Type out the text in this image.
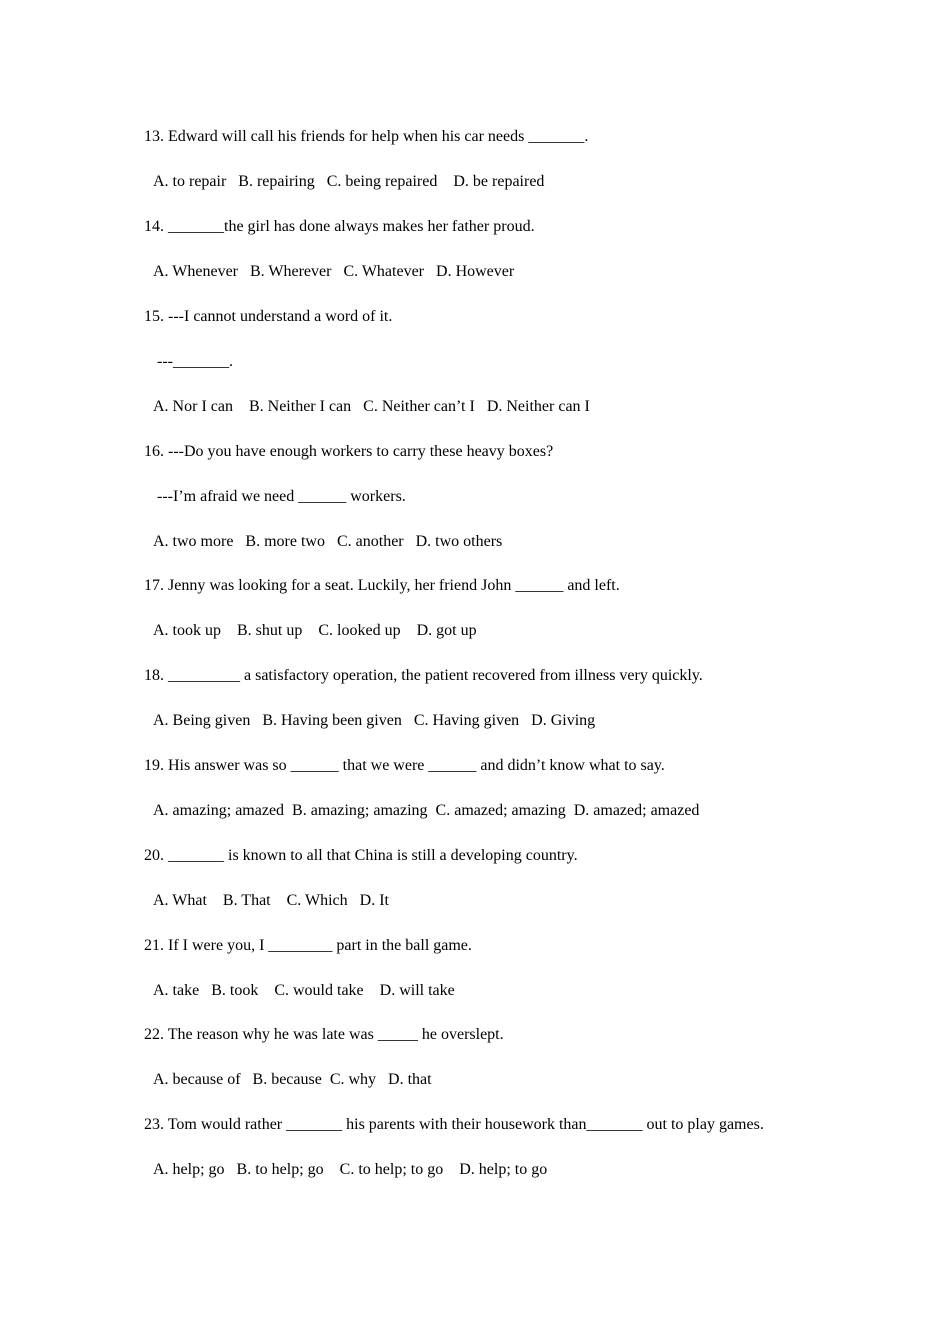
13. Edward will call his friends for help when his car needs _______.
A. to repair   B. repairing   C. being repaired    D. be repaired
14. _______the girl has done always makes her father proud.
A. Whenever   B. Wherever   C. Whatever   D. However
15. ---I cannot understand a word of it.
---_______.
A. Nor I can    B. Neither I can   C. Neither can’t I   D. Neither can I
16. ---Do you have enough workers to carry these heavy boxes?
---I’m afraid we need ______ workers.
A. two more   B. more two   C. another   D. two others
17. Jenny was looking for a seat. Luckily, her friend John ______ and left.
A. took up    B. shut up    C. looked up    D. got up
18. _________ a satisfactory operation, the patient recovered from illness very quickly.
A. Being given   B. Having been given   C. Having given   D. Giving
19. His answer was so ______ that we were ______ and didn’t know what to say.
A. amazing; amazed  B. amazing; amazing  C. amazed; amazing  D. amazed; amazed
20. _______ is known to all that China is still a developing country.
A. What    B. That    C. Which   D. It
21. If I were you, I ________ part in the ball game.
A. take   B. took    C. would take    D. will take
22. The reason why he was late was _____ he overslept.
A. because of   B. because  C. why   D. that
23. Tom would rather _______ his parents with their housework than_______ out to play games.
A. help; go   B. to help; go    C. to help; to go    D. help; to go
